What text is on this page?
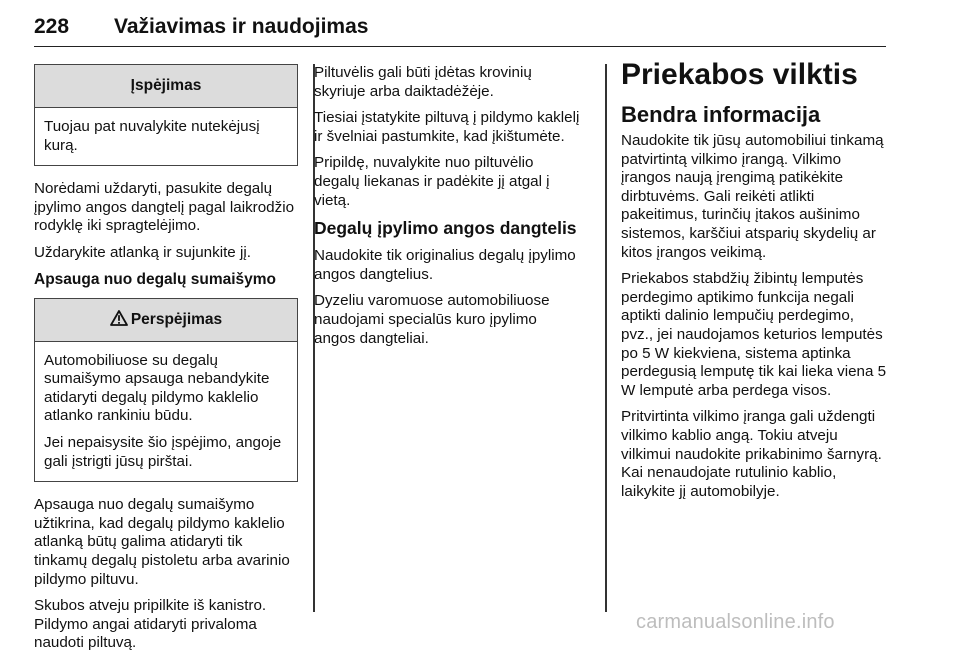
228 Važiavimas ir naudojimas
Įspėjimas

Tuojau pat nuvalykite nutekėjusį kurą.

Norėdami uždaryti, pasukite degalų įpylimo angos dangtelį pagal laikrodžio rodyklę iki spragtelėjimo.

Uždarykite atlanką ir sujunkite jį.

Apsauga nuo degalų sumaišymo
Perspėjimas

Automobiliuose su degalų sumaišymo apsauga nebandykite atidaryti degalų pildymo kaklelio atlanko rankiniu būdu.

Jei nepaisysite šio įspėjimo, angoje gali įstrigti jūsų pirštai.

Apsauga nuo degalų sumaišymo užtikrina, kad degalų pildymo kaklelio atlanką būtų galima atidaryti tik tinkamų degalų pistoletu arba avarinio pildymo piltuvu.

Skubos atveju pripilkite iš kanistro. Pildymo angai atidaryti privaloma naudoti piltuvą.

Piltuvėlis gali būti įdėtas krovinių skyriuje arba daiktadėžėje.

Tiesiai įstatykite piltuvą į pildymo kaklelį ir švelniai pastumkite, kad įkištumėte.

Pripildę, nuvalykite nuo piltuvėlio degalų liekanas ir padėkite jį atgal į vietą.

Degalų įpylimo angos dangtelis

Naudokite tik originalius degalų įpylimo angos dangtelius.

Dyzeliu varomuose automobiliuose naudojami specialūs kuro įpylimo angos dangteliai.

Priekabos vilktis
Bendra informacija

Naudokite tik jūsų automobiliui tinkamą patvirtintą vilkimo įrangą. Vilkimo įrangos naują įrengimą patikėkite dirbtuvėms. Gali reikėti atlikti pakeitimus, turinčių įtakos aušinimo sistemos, karščiui atsparių skydelių ar kitos įrangos veikimą.

Priekabos stabdžių žibintų lemputės perdegimo aptikimo funkcija negali aptikti dalinio lempučių perdegimo, pvz., jei naudojamos keturios lemputės po 5 W kiekviena, sistema aptinka perdegusią lemputę tik kai lieka viena 5 W lemputė arba perdega visos.

Pritvirtinta vilkimo įranga gali uždengti vilkimo kablio angą. Tokiu atveju vilkimui naudokite prikabinimo šarnyrą. Kai nenaudojate rutulinio kablio, laikykite jį automobilyje.

carmanualsonline.info
